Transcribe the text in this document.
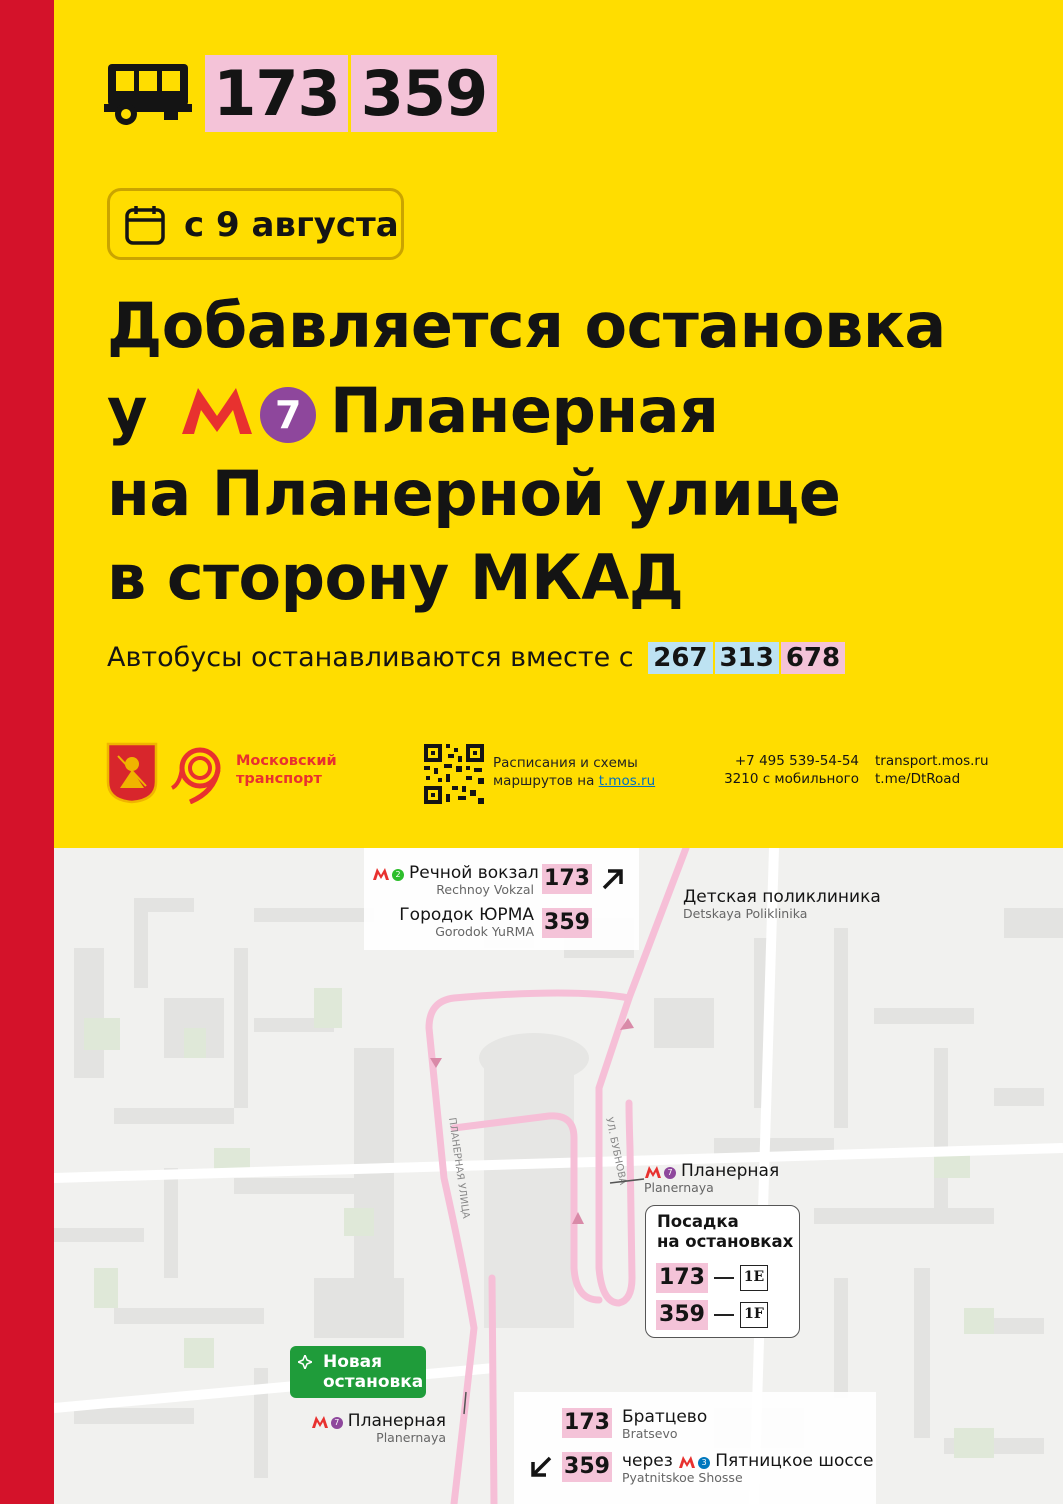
173 359
с 9 августа
Добавляется остановка
у	7 Планерная
на Планерной улице
в сторону МКАД
Автобусы останавливаются вместе с 267 313 678
Московский
транспорт
Расписания и схемы
маршрутов на t.mos.ru
+7 495 539-54-54
3210 с мобильного
transport.mos.ru
t.me/DtRoad
ПЛАНЕРНАЯ УЛИЦА	УЛ. БУБНОВА
2 Речной вокзал
Rechnoy Vokzal 173
Городок ЮРМА
Gorodok YuRMA 359
Детская поликлиника
Detskaya Poliklinika
7 Планерная
Planernaya
7 Планерная
Planernaya
173 Братцево
Bratsevo
359 через	3 Пятницкое шоссе
Pyatnitskoe Shosse
Посадка
на остановках
173	1Е
359	1F
Новая
остановка
